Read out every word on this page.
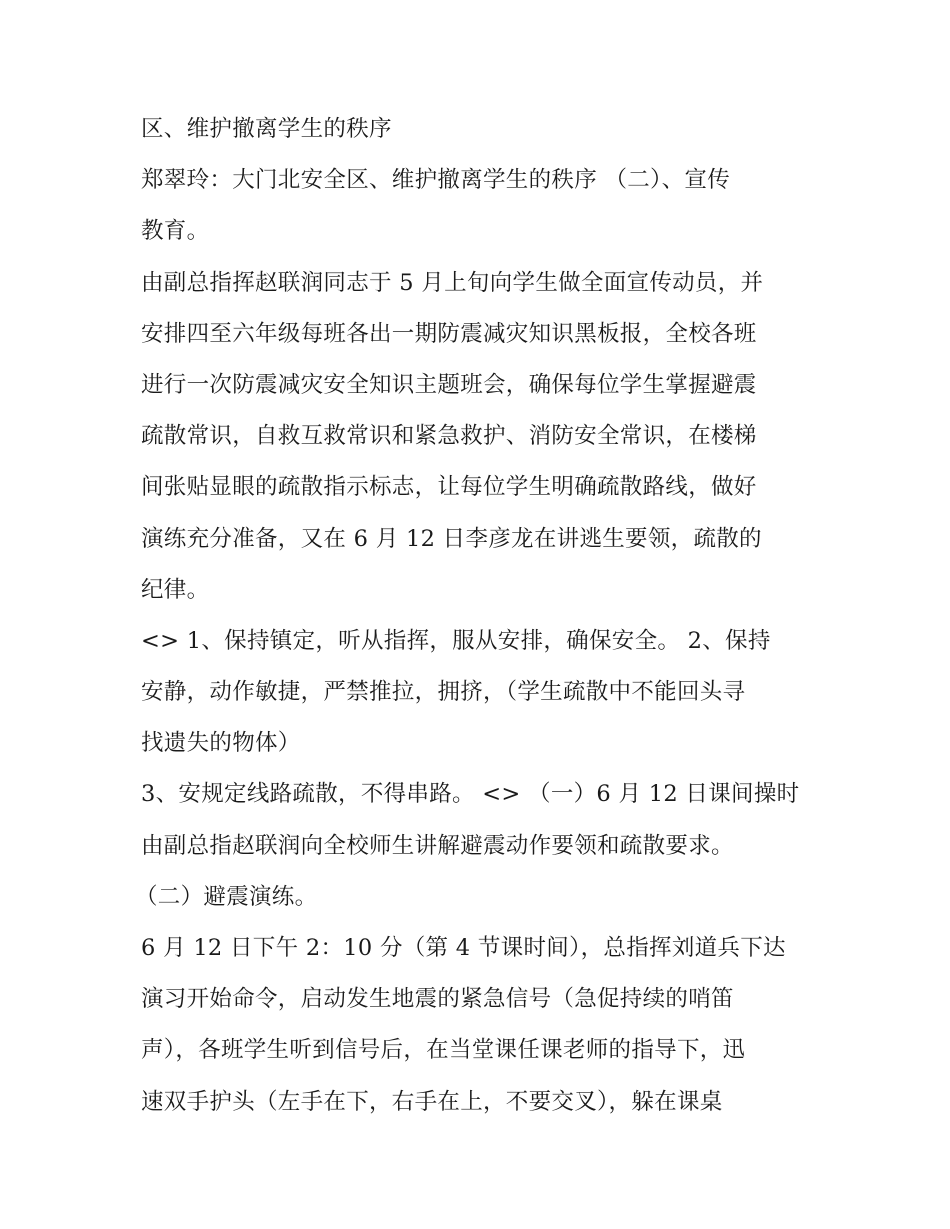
区、维护撤离学生的秩序
郑翠玲：大门北安全区、维护撤离学生的秩序 （二）、宣传
教育。
由副总指挥赵联润同志于 5 月上旬向学生做全面宣传动员，并
安排四至六年级每班各出一期防震减灾知识黑板报，全校各班
进行一次防震减灾安全知识主题班会，确保每位学生掌握避震
疏散常识，自救互救常识和紧急救护、消防安全常识，在楼梯
间张贴显眼的疏散指示标志，让每位学生明确疏散路线，做好
演练充分准备，又在 6 月 12 日李彦龙在讲逃生要领，疏散的
纪律。
<> 1、保持镇定，听从指挥，服从安排，确保安全。 2、保持
安静，动作敏捷，严禁推拉，拥挤，（学生疏散中不能回头寻
找遗失的物体）
3、安规定线路疏散，不得串路。 <> （一）6 月 12 日课间操时
由副总指赵联润向全校师生讲解避震动作要领和疏散要求。
（二）避震演练。
6 月 12 日下午 2：10 分（第 4 节课时间），总指挥刘道兵下达
演习开始命令，启动发生地震的紧急信号（急促持续的哨笛
声），各班学生听到信号后，在当堂课任课老师的指导下，迅
速双手护头（左手在下，右手在上，不要交叉），躲在课桌
